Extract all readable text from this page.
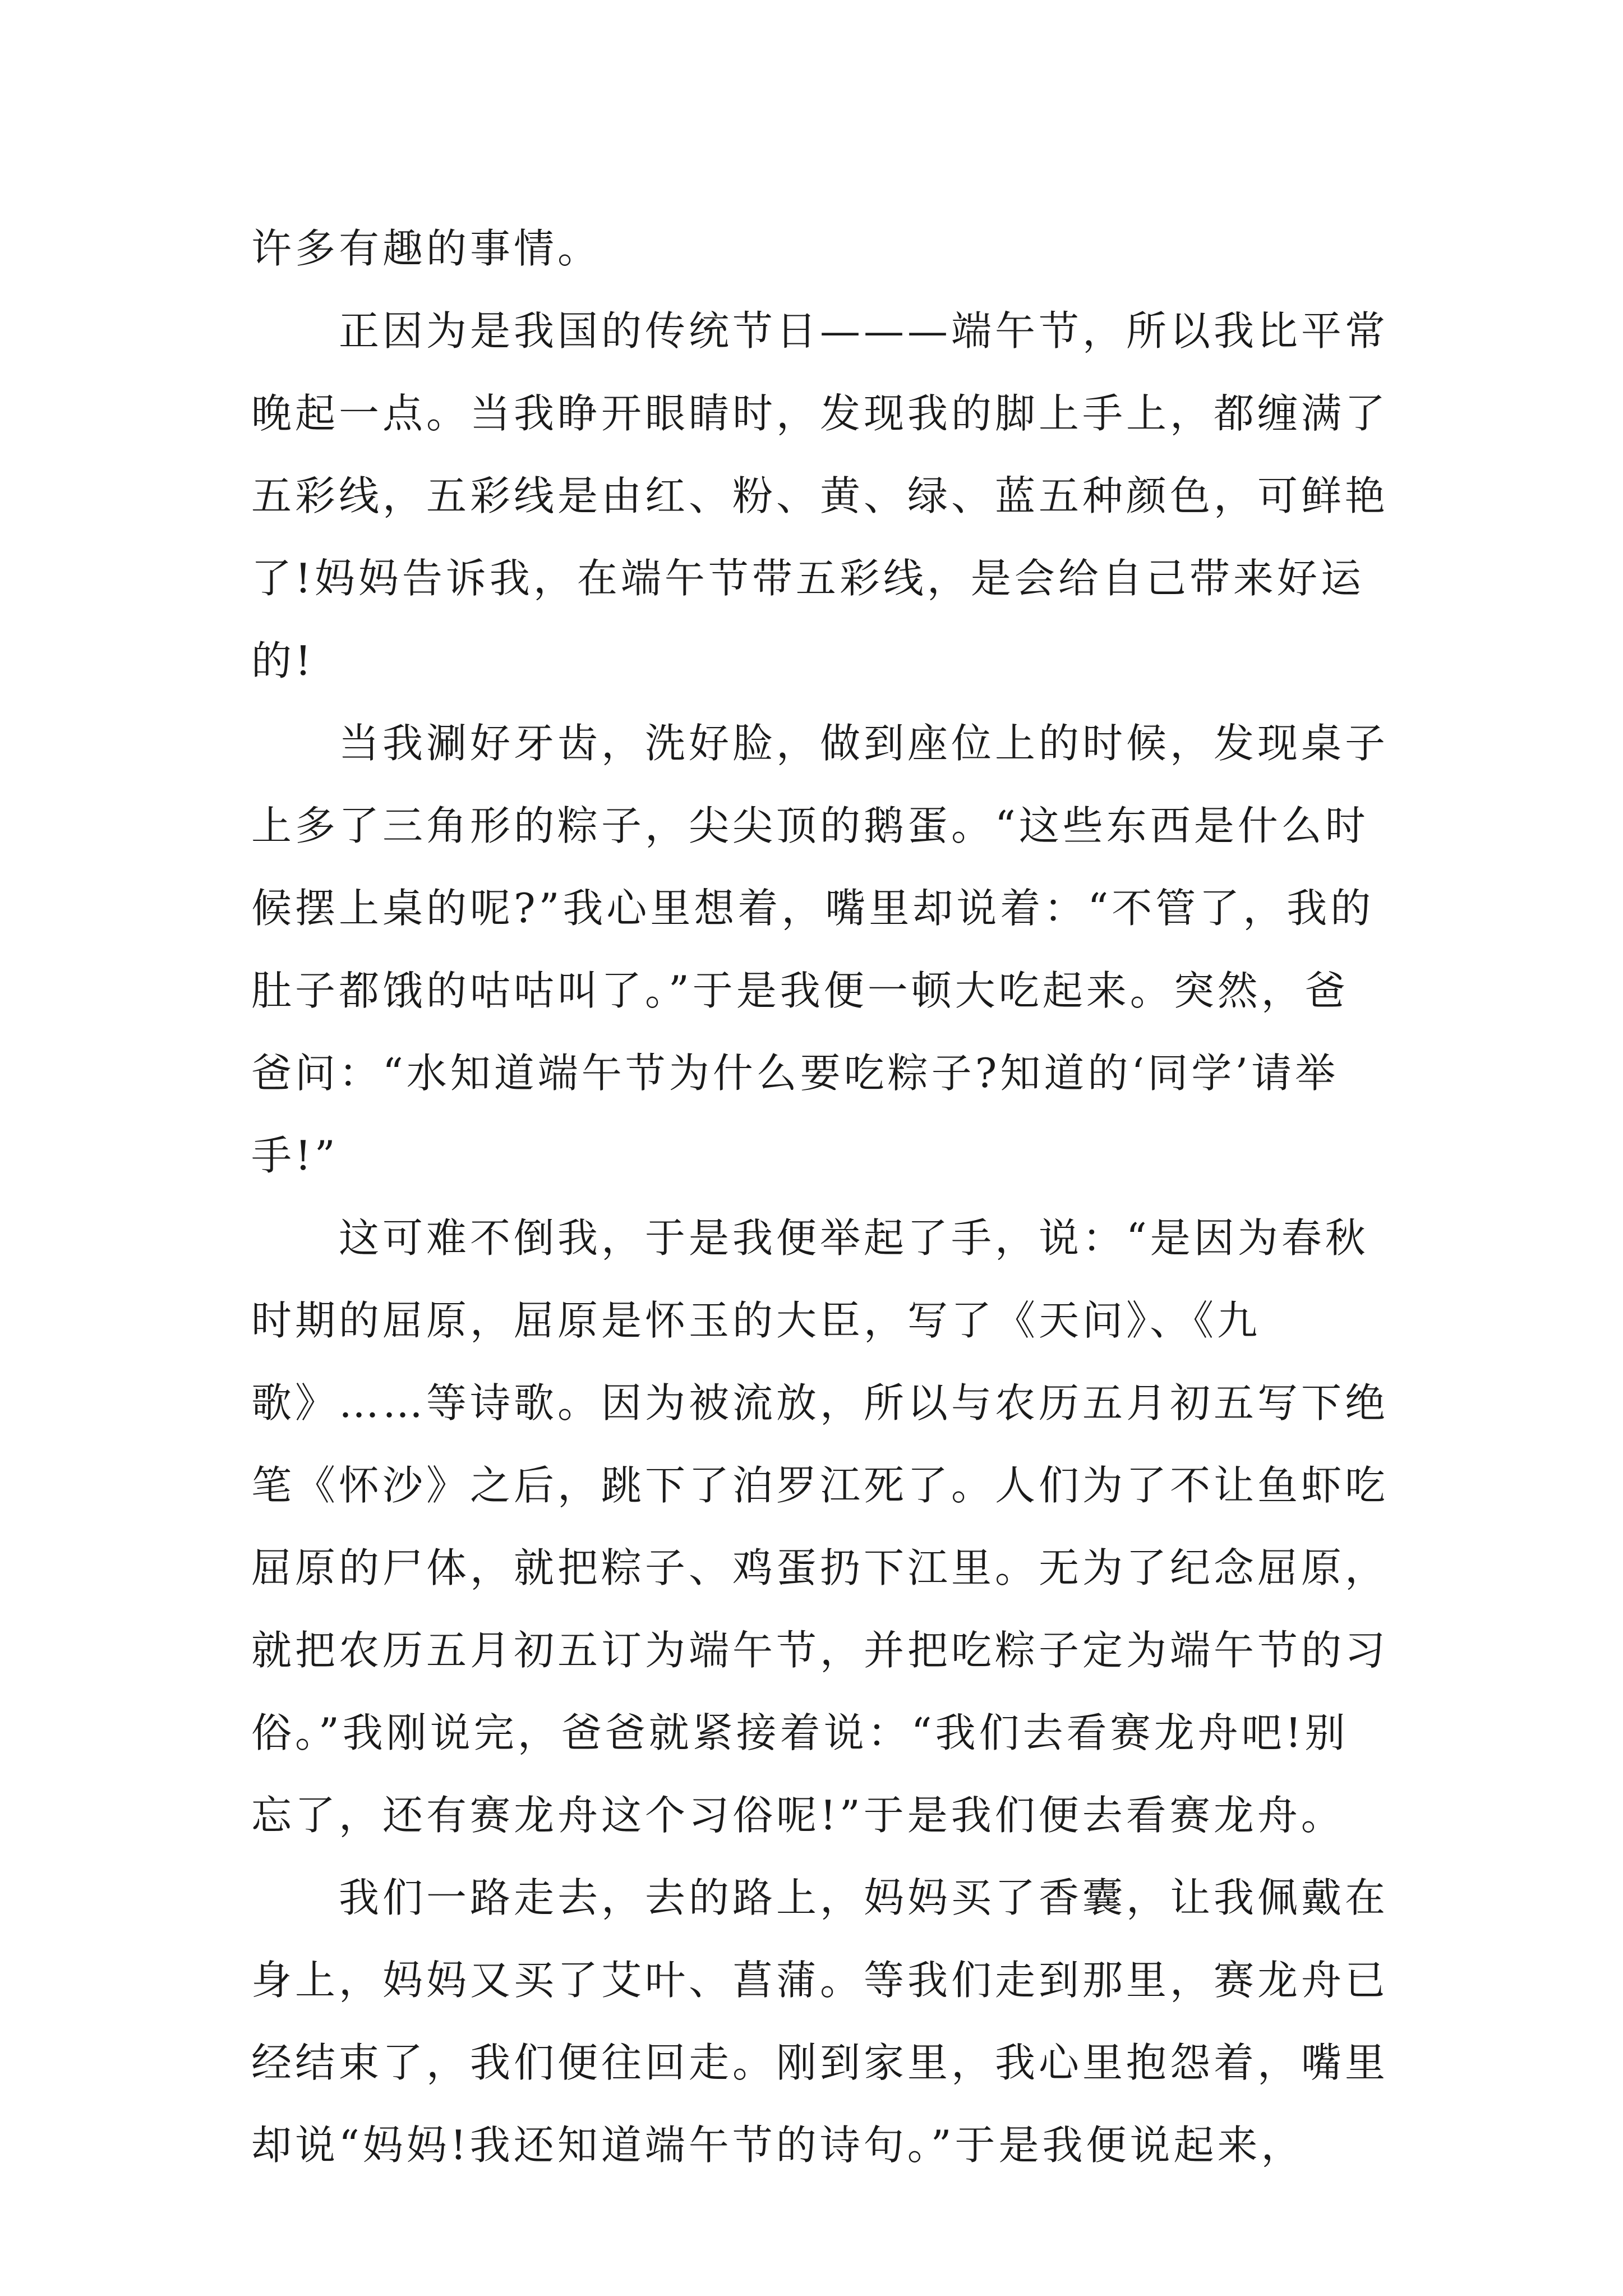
许多有趣的事情。
　　正因为是我国的传统节日———端午节，所以我比平常
晚起一点。当我睁开眼睛时，发现我的脚上手上，都缠满了
五彩线，五彩线是由红、粉、黄、绿、蓝五种颜色，可鲜艳
了!妈妈告诉我，在端午节带五彩线，是会给自己带来好运
的!
　　当我涮好牙齿，洗好脸，做到座位上的时候，发现桌子
上多了三角形的粽子，尖尖顶的鹅蛋。“这些东西是什么时
候摆上桌的呢?”我心里想着，嘴里却说着：“不管了，我的
肚子都饿的咕咕叫了。”于是我便一顿大吃起来。突然，爸
爸问：“水知道端午节为什么要吃粽子?知道的‘同学’请举
手!”
　　这可难不倒我，于是我便举起了手，说：“是因为春秋
时期的屈原，屈原是怀玉的大臣，写了《天问》、《九
歌》……等诗歌。因为被流放，所以与农历五月初五写下绝
笔《怀沙》之后，跳下了泊罗江死了。人们为了不让鱼虾吃
屈原的尸体，就把粽子、鸡蛋扔下江里。无为了纪念屈原，
就把农历五月初五订为端午节，并把吃粽子定为端午节的习
俗。”我刚说完，爸爸就紧接着说：“我们去看赛龙舟吧!别
忘了，还有赛龙舟这个习俗呢!”于是我们便去看赛龙舟。
　　我们一路走去，去的路上，妈妈买了香囊，让我佩戴在
身上，妈妈又买了艾叶、菖蒲。等我们走到那里，赛龙舟已
经结束了，我们便往回走。刚到家里，我心里抱怨着，嘴里
却说“妈妈!我还知道端午节的诗句。”于是我便说起来，
